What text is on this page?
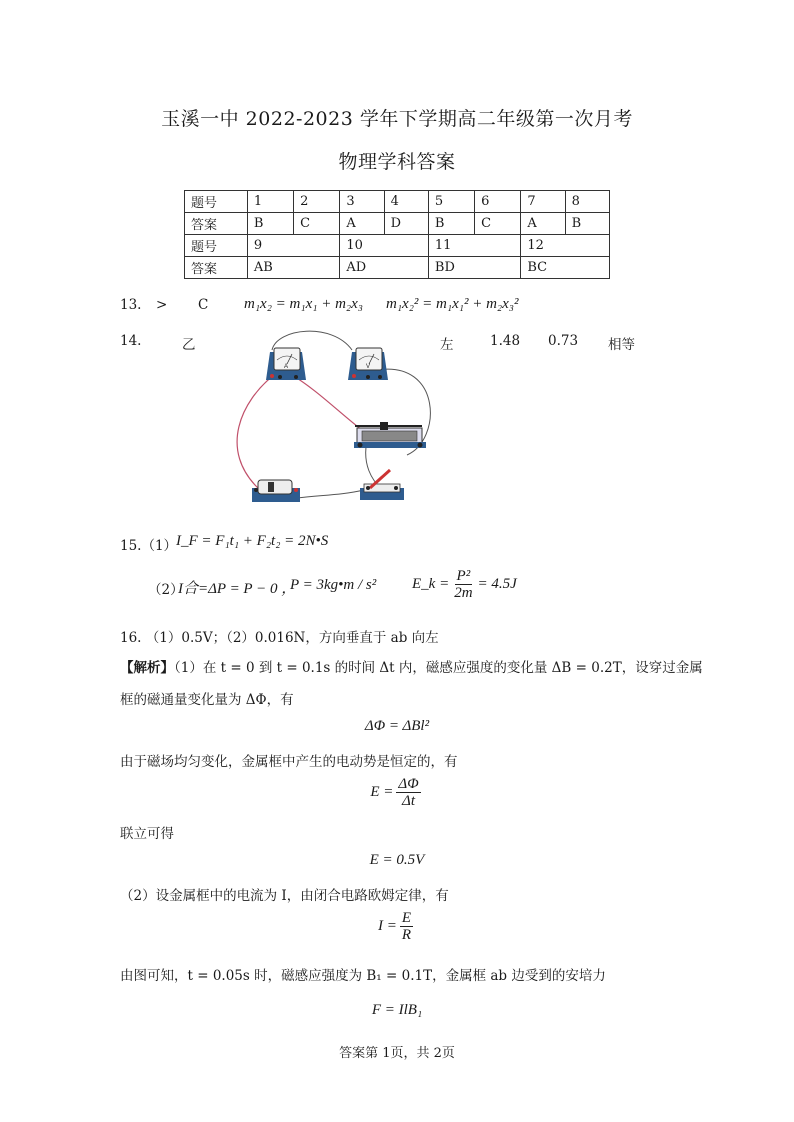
玉溪一中 2022-2023 学年下学期高二年级第一次月考
物理学科答案
题号	1	2	3	4	5	6	7	8
答案	B	C	A	D	B	C	A	B
题号	9		10		11		12	
答案	AB		AD		BD		BC	
13. > C m₁x₂ = m₁x₁ + m₂x₃ m₁x₂² = m₁x₁² + m₂x₃²
14.	乙	左	1.48 0.73 相等
A	V
15.（1）
I_F = F₁t₁ + F₂t₂ = 2N•S
（2）
I合=ΔP = P − 0 ，
P = 3kg•m / s² E_k = $\frac{\text{P²}}{2m} = 4.5J$
16. （1）0.5V；（2）0.016N，方向垂直于 ab 向左
【解析】（1）在 t = 0 到 t = 0.1s 的时间 Δt 内，磁感应强度的变化量 ΔB = 0.2T，设穿过金属
框的磁通量变化量为 ΔΦ，有
ΔΦ = ΔBl²
由于磁场均匀变化，金属框中产生的电动势是恒定的，有
$E = \frac{\Delta\Phi}{\Delta t}$
联立可得
E = 0.5V
（2）设金属框中的电流为 I，由闭合电路欧姆定律，有
$I = \frac{E}{R}$
由图可知，t = 0.05s 时，磁感应强度为 B₁ = 0.1T，金属框 ab 边受到的安培力
F = IlB₁
答案第 1页，共 2页
